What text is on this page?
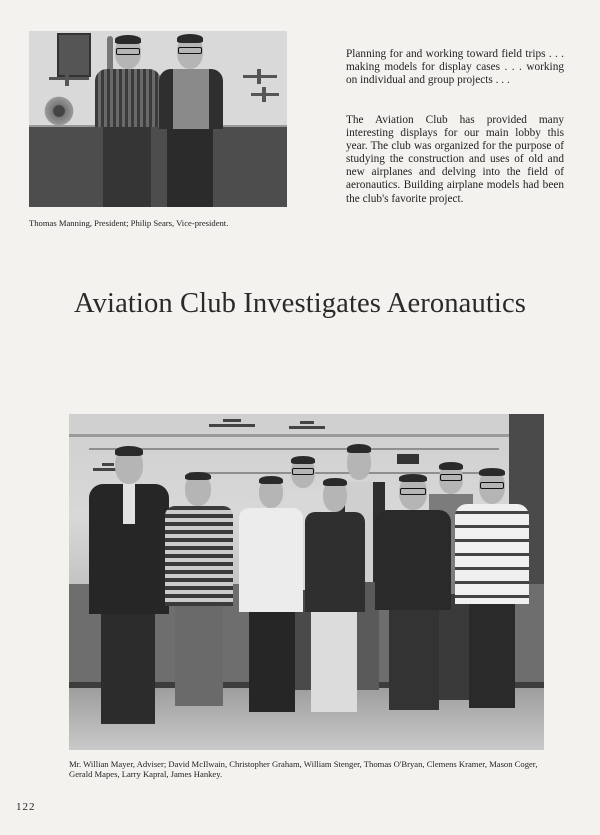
Planning for and working toward field trips . . . making models for display cases . . . working on individual and group projects . . .

The Aviation Club has provided many interesting displays for our main lobby this year. The club was organized for the purpose of studying the construction and uses of old and new airplanes and delving into the field of aeronautics. Building airplane models had been the club's favorite project.

Thomas Manning, President; Philip Sears, Vice-president.

Aviation Club Investigates Aeronautics

Mr. Willian Mayer, Adviser; David McIlwain, Christopher Graham, William Stenger, Thomas O'Bryan, Clemens Kramer, Mason Coger, Gerald Mapes, Larry Kapral, James Hankey.

122
